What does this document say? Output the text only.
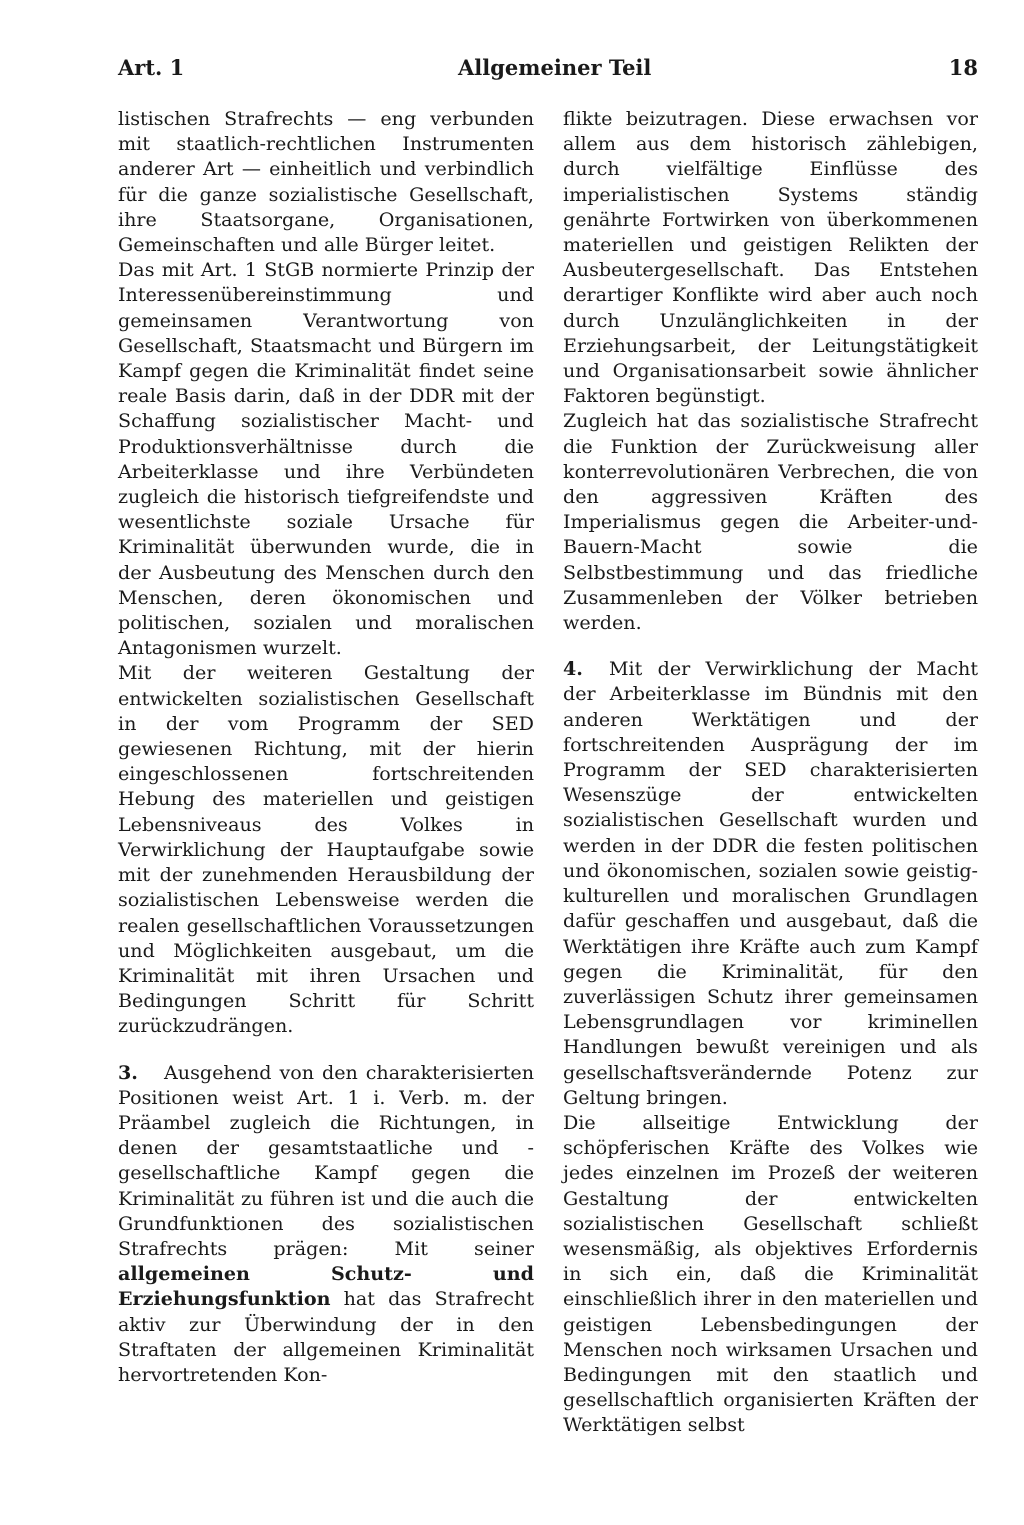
Art. 1	Allgemeiner Teil	18

listischen Strafrechts — eng verbunden mit staatlich-rechtlichen Instrumenten anderer Art — einheitlich und verbindlich für die ganze sozialistische Gesellschaft, ihre Staatsorgane, Organisationen, Gemeinschaften und alle Bürger leitet.

Das mit Art. 1 StGB normierte Prinzip der Interessenübereinstimmung und gemeinsamen Verantwortung von Gesellschaft, Staatsmacht und Bürgern im Kampf gegen die Kriminalität findet seine reale Basis darin, daß in der DDR mit der Schaffung sozialistischer Macht- und Produktionsverhältnisse durch die Arbeiterklasse und ihre Verbündeten zugleich die historisch tiefgreifendste und wesentlichste soziale Ursache für Kriminalität überwunden wurde, die in der Ausbeutung des Menschen durch den Menschen, deren ökonomischen und politischen, sozialen und moralischen Antagonismen wurzelt.

Mit der weiteren Gestaltung der entwickelten sozialistischen Gesellschaft in der vom Programm der SED gewiesenen Richtung, mit der hierin eingeschlossenen fortschreitenden Hebung des materiellen und geistigen Lebensniveaus des Volkes in Verwirklichung der Hauptaufgabe sowie mit der zunehmenden Herausbildung der sozialistischen Lebensweise werden die realen gesellschaftlichen Voraussetzungen und Möglichkeiten ausgebaut, um die Kriminalität mit ihren Ursachen und Bedingungen Schritt für Schritt zurückzudrängen.

3. Ausgehend von den charakterisierten Positionen weist Art. 1 i. Verb. m. der Präambel zugleich die Richtungen, in denen der gesamtstaatliche und -gesellschaftliche Kampf gegen die Kriminalität zu führen ist und die auch die Grundfunktionen des sozialistischen Strafrechts prägen: Mit seiner allgemeinen Schutz- und Erziehungsfunktion hat das Strafrecht aktiv zur Überwindung der in den Straftaten der allgemeinen Kriminalität hervortretenden Kon-

flikte beizutragen. Diese erwachsen vor allem aus dem historisch zählebigen, durch vielfältige Einflüsse des imperialistischen Systems ständig genährte Fortwirken von überkommenen materiellen und geistigen Relikten der Ausbeutergesellschaft. Das Entstehen derartiger Konflikte wird aber auch noch durch Unzulänglichkeiten in der Erziehungsarbeit, der Leitungstätigkeit und Organisationsarbeit sowie ähnlicher Faktoren begünstigt.

Zugleich hat das sozialistische Strafrecht die Funktion der Zurückweisung aller konterrevolutionären Verbrechen, die von den aggressiven Kräften des Imperialismus gegen die Arbeiter-und-Bauern-Macht sowie die Selbstbestimmung und das friedliche Zusammenleben der Völker betrieben werden.

4. Mit der Verwirklichung der Macht der Arbeiterklasse im Bündnis mit den anderen Werktätigen und der fortschreitenden Ausprägung der im Programm der SED charakterisierten Wesenszüge der entwickelten sozialistischen Gesellschaft wurden und werden in der DDR die festen politischen und ökonomischen, sozialen sowie geistig-kulturellen und moralischen Grundlagen dafür geschaffen und ausgebaut, daß die Werktätigen ihre Kräfte auch zum Kampf gegen die Kriminalität, für den zuverlässigen Schutz ihrer gemeinsamen Lebensgrundlagen vor kriminellen Handlungen bewußt vereinigen und als gesellschaftsverändernde Potenz zur Geltung bringen.

Die allseitige Entwicklung der schöpferischen Kräfte des Volkes wie jedes einzelnen im Prozeß der weiteren Gestaltung der entwickelten sozialistischen Gesellschaft schließt wesensmäßig, als objektives Erfordernis in sich ein, daß die Kriminalität einschließlich ihrer in den materiellen und geistigen Lebensbedingungen der Menschen noch wirksamen Ursachen und Bedingungen mit den staatlich und gesellschaftlich organisierten Kräften der Werktätigen selbst
